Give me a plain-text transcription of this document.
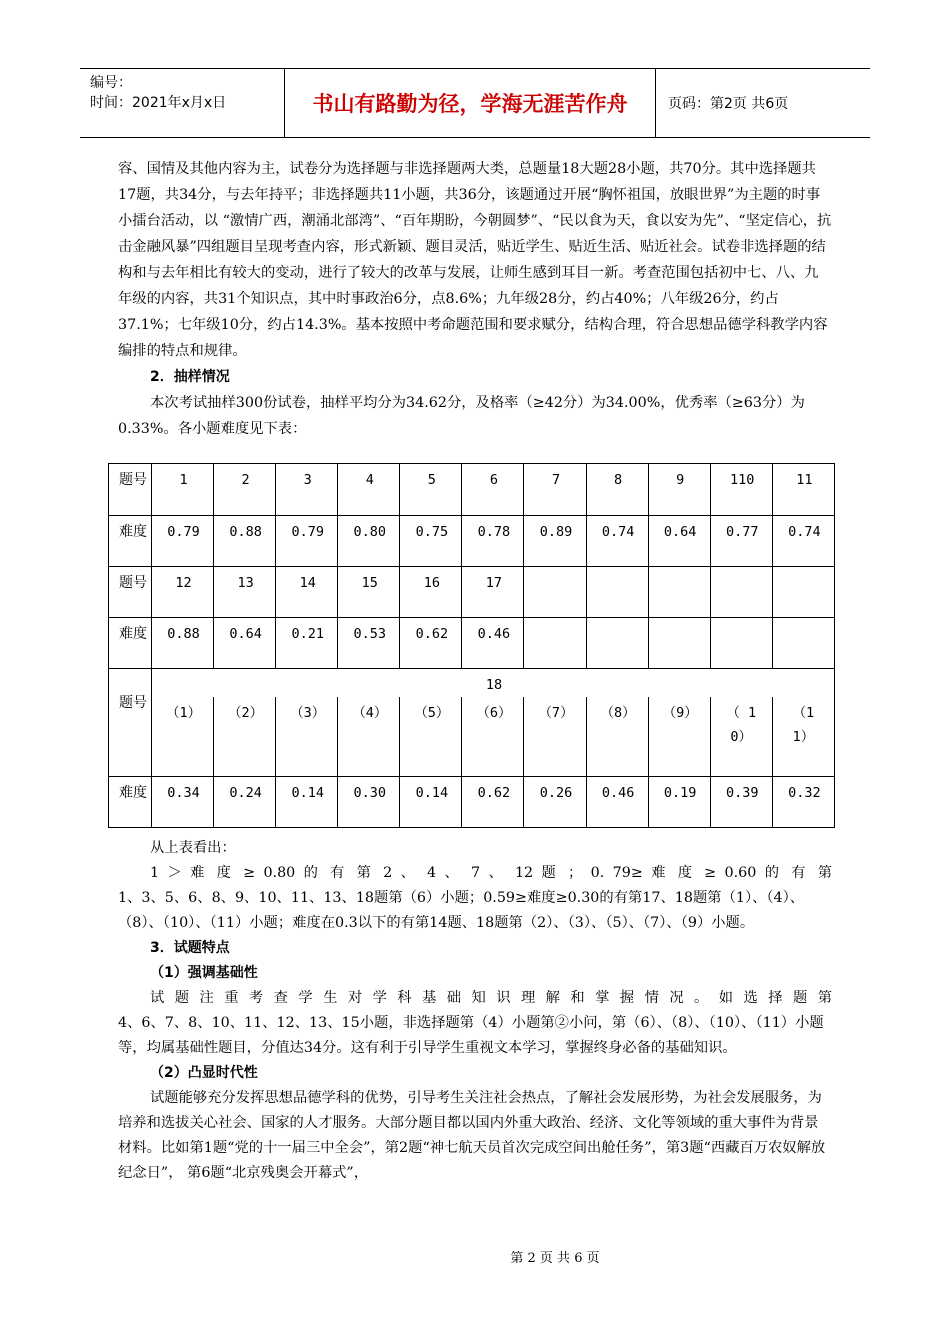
编号：
时间：2021年x月x日	书山有路勤为径，学海无涯苦作舟	页码：第2页 共6页

容、国情及其他内容为主，试卷分为选择题与非选择题两大类，总题量18大题28小题，共70分。其中选择题共17题，共34分，与去年持平；非选择题共11小题，共36分，该题通过开展“胸怀祖国，放眼世界”为主题的时事小擂台活动，以 “激情广西，潮涌北部湾”、“百年期盼，今朝圆梦”、“民以食为天，食以安为先”、“坚定信心，抗击金融风暴”四组题目呈现考查内容，形式新颖、题目灵活，贴近学生、贴近生活、贴近社会。试卷非选择题的结构和与去年相比有较大的变动，进行了较大的改革与发展，让师生感到耳目一新。考查范围包括初中七、八、九年级的内容，共31个知识点，其中时事政治6分，点8.6%；九年级28分，约占40%；八年级26分，约占37.1%；七年级10分，约占14.3%。基本按照中考命题范围和要求赋分，结构合理，符合思想品德学科教学内容编排的特点和规律。

2．抽样情况

本次考试抽样300份试卷，抽样平均分为34.62分，及格率（≥42分）为34.00%，优秀率（≥63分）为0.33%。各小题难度见下表：

题号	1	2	3	4	5	6	7	8	9	110	11
难度	0.79	0.88	0.79	0.80	0.75	0.78	0.89	0.74	0.64	0.77	0.74
题号	12	13	14	15	16	17					
难度	0.88	0.64	0.21	0.53	0.62	0.46					
题号	18										
	（1）	（2）	（3）	（4）	（5）	（6）	（7）	（8）	（9）	（ 10）	（11）
难度	0.34	0.24	0.14	0.30	0.14	0.62	0.26	0.46	0.19	0.39	0.32

从上表看出：

1 ＞ 难 度 ≥ 0.80 的 有 第 2 、 4 、 7 、 12 题 ； 0. 79≥ 难 度 ≥ 0.60 的 有 第

1、3、5、6、8、9、10、11、13、18题第（6）小题；0.59≥难度≥0.30的有第17、18题第（1）、（4）、（8）、（10）、（11）小题；难度在0.3以下的有第14题、18题第（2）、（3）、（5）、（7）、（9）小题。

3．试题特点

（1）强调基础性

试 题 注 重 考 查 学 生 对 学 科 基 础 知 识 理 解 和 掌 握 情 况 。 如 选 择 题 第

4、6、7、8、10、11、12、13、15小题，非选择题第（4）小题第②小问，第（6）、（8）、（10）、（11）小题等，均属基础性题目，分值达34分。这有利于引导学生重视文本学习，掌握终身必备的基础知识。

（2）凸显时代性

试题能够充分发挥思想品德学科的优势，引导考生关注社会热点，了解社会发展形势，为社会发展服务，为培养和选拔关心社会、国家的人才服务。大部分题目都以国内外重大政治、经济、文化等领域的重大事件为背景材料。比如第1题“党的十一届三中全会”，第2题“神七航天员首次完成空间出舱任务”，第3题“西藏百万农奴解放纪念日”， 第6题“北京残奥会开幕式”，

第 2 页 共 6 页
